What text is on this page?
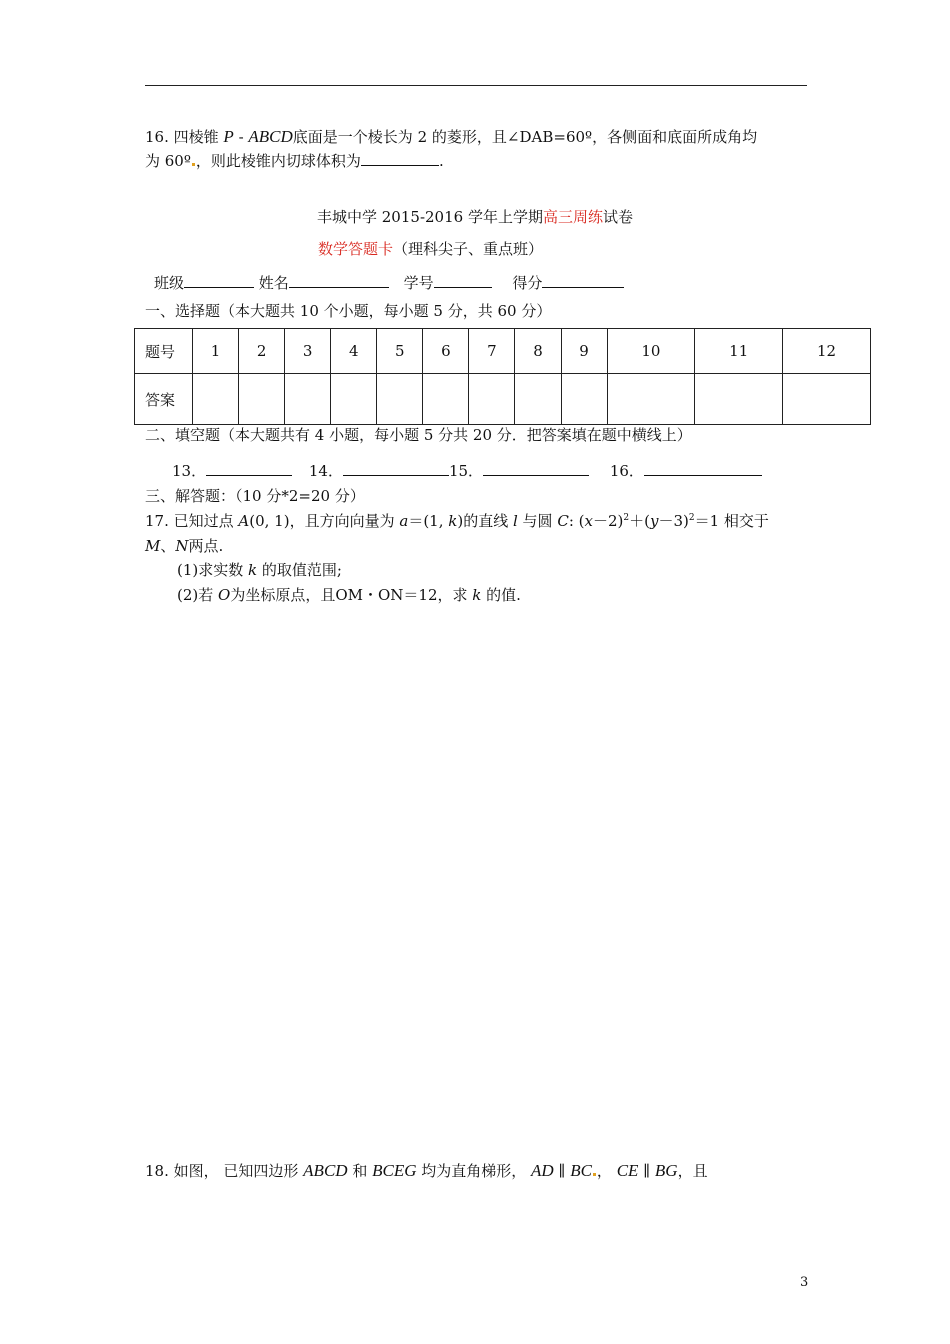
16. 四棱锥 P - ABCD底面是一个棱长为 2 的菱形，且∠DAB=60º，各侧面和底面所成角均
为 60º ，则此棱锥内切球体积为	.
丰城中学 2015-2016 学年上学期高三周练试卷
数学答题卡（理科尖子、重点班）
班级	姓名	学号	得分
一、选择题（本大题共 10 个小题，每小题 5 分，共 60 分）
题号	1	2	3	4	5	6	7	8	9	10	11	12
答案												
二、填空题（本大题共有 4 小题，每小题 5 分共 20 分．把答案填在题中横线上）
13．	14．	15．	16．
三、解答题：（10 分*2=20 分）
17. 已知过点 A(0, 1)，且方向向量为 a＝(1, k)的直线 l 与圆 C: $(x-2)^2+(y-3)^2=1$ 相交于
M、N两点.
(1)求实数 k 的取值范围;
(2)若 O为坐标原点，且OM・ON＝12，求 k 的值.
18. 如图， 已知四边形 ABCD 和 BCEG 均为直角梯形， AD ∥ BC ， CE ∥ BG，且
3
